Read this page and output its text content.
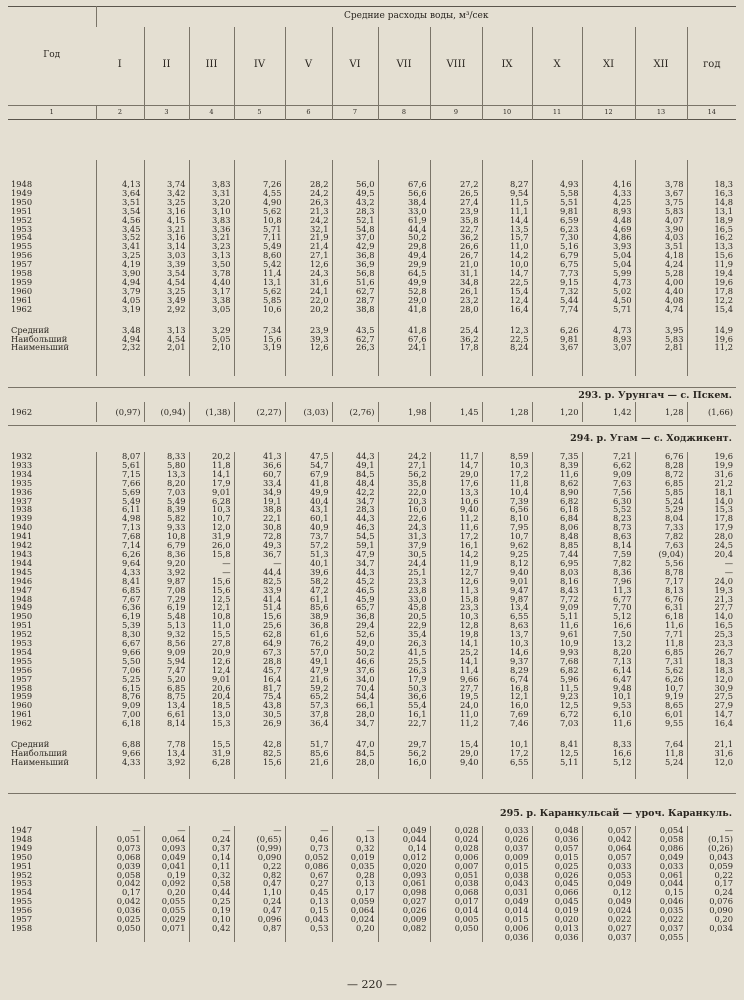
Год	Средние расходы воды, м³/сек												
	I	II	III	IV	V	VI	VII	VIII	IX	X	XI	XII	год
1	2	3	4	5	6	7	8	9	10	11	12	13	14

1948	4,13	3,74	3,83	7,26	28,2	56,0	67,6	27,2	8,27	4,93	4,16	3,78	18,3
1949	3,64	3,42	3,31	4,55	24,2	49,5	56,6	26,5	9,54	5,58	4,33	3,67	16,3
1950	3,51	3,25	3,20	4,90	26,3	43,2	38,4	27,4	11,5	5,51	4,25	3,75	14,8
1951	3,54	3,16	3,10	5,62	21,3	28,3	33,0	23,9	11,1	9,81	8,93	5,83	13,1
1952	4,56	4,15	3,83	10,8	24,2	52,1	61,9	35,8	14,4	6,59	4,48	4,07	18,9
1953	3,45	3,21	3,36	5,71	32,1	54,8	44,4	22,7	13,5	6,23	4,69	3,90	16,5
1954	3,52	3,16	3,21	7,11	21,9	37,0	50,2	36,2	15,7	7,30	4,86	4,03	16,2
1955	3,41	3,14	3,23	5,49	21,4	42,9	29,8	26,6	11,0	5,16	3,93	3,51	13,3
1956	3,25	3,03	3,13	8,60	27,1	36,8	49,4	26,7	14,2	6,79	5,04	4,18	15,6
1957	4,19	3,39	3,50	5,42	12,6	36,9	29,9	21,0	10,0	6,75	5,04	4,24	11,9
1958	3,90	3,54	3,78	11,4	24,3	56,8	64,5	31,1	14,7	7,73	5,99	5,28	19,4
1959	4,94	4,54	4,40	13,1	31,6	51,6	49,9	34,8	22,5	9,15	4,73	4,00	19,6
1960	3,79	3,25	3,17	5,62	24,1	62,7	52,8	26,1	15,4	7,32	5,02	4,40	17,8
1961	4,05	3,49	3,38	5,85	22,0	28,7	29,0	23,2	12,4	5,44	4,50	4,08	12,2
1962	3,19	2,92	3,05	10,6	20,2	38,8	41,8	28,0	16,4	7,74	5,71	4,74	15,4

Средний	3,48	3,13	3,29	7,34	23,9	43,5	41,8	25,4	12,3	6,26	4,73	3,95	14,9
Наибольший	4,94	4,54	5,05	15,6	39,3	62,7	67,6	36,2	22,5	9,81	8,93	5,83	19,6
Наименьший	2,32	2,01	2,10	3,19	12,6	26,3	24,1	17,8	8,24	3,67	3,07	2,81	11,2

293. р. Урунгач — с. Пскем.
1962	(0,97)	(0,94)	(1,38)	(2,27)	(3,03)	(2,76)	1,98	1,45	1,28	1,20	1,42	1,28	(1,66)
294. р. Угам — с. Ходжикент.
1932	8,07	8,33	20,2	41,3	47,5	44,3	24,2	11,7	8,59	7,35	7,21	6,76	19,6
1933	5,61	5,80	11,8	36,6	54,7	49,1	27,1	14,7	10,3	8,39	6,62	8,28	19,9
1934	7,15	13,3	14,1	60,7	67,9	84,5	56,2	29,0	17,2	11,6	9,09	8,72	31,6
1935	7,66	8,20	17,9	33,4	41,8	48,4	35,8	17,6	11,8	8,62	7,63	6,85	21,2
1936	5,69	7,03	9,01	34,9	49,9	42,2	22,0	13,3	10,4	8,90	7,56	5,85	18,1
1937	5,49	5,49	6,28	19,1	40,4	34,7	20,3	10,6	7,39	6,82	6,30	5,24	14,0
1938	6,11	8,39	10,3	38,8	43,1	28,3	16,0	9,40	6,56	6,18	5,52	5,29	15,3
1939	4,98	5,82	10,7	22,1	60,1	44,3	22,6	11,2	8,10	6,84	8,23	8,04	17,8
1940	7,13	9,33	12,0	30,8	40,9	46,3	24,3	11,6	7,95	8,06	8,73	7,33	17,9
1941	7,68	10,8	31,9	72,8	73,7	54,5	31,3	17,2	10,7	8,48	8,63	7,82	28,0
1942	7,14	6,79	26,0	49,3	57,2	59,1	37,9	16,1	9,62	8,85	8,14	7,63	24,5
1943	6,26	8,36	15,8	36,7	51,3	47,9	30,5	14,2	9,25	7,44	7,59	(9,04)	20,4
1944	9,64	9,20	—	—	40,1	34,7	24,4	11,9	8,12	6,95	7,82	5,56	—
1945	4,33	3,92	—	44,4	39,6	44,3	25,1	12,7	9,40	8,03	8,36	8,78	—
1946	8,41	9,87	15,6	82,5	58,2	45,2	23,3	12,6	9,01	8,16	7,96	7,17	24,0
1947	6,85	7,08	15,6	33,9	47,2	46,5	23,8	11,3	9,47	8,43	11,3	8,13	19,3
1948	7,67	7,29	12,5	41,4	61,1	45,9	33,0	15,8	9,87	7,72	6,77	6,76	21,3
1949	6,36	6,19	12,1	51,4	85,6	65,7	45,8	23,3	13,4	9,09	7,70	6,31	27,7
1950	6,19	5,48	10,8	15,6	38,9	36,8	20,5	10,3	6,55	5,11	5,12	6,18	14,0
1951	5,39	5,13	11,0	25,6	36,8	29,4	22,9	12,8	8,63	11,6	16,6	11,6	16,5
1952	8,30	9,32	15,5	62,8	61,6	52,6	35,4	19,8	13,7	9,61	7,50	7,71	25,3
1953	6,67	8,56	27,8	64,9	76,2	49,0	26,3	14,1	10,3	10,9	13,2	11,8	23,3
1954	9,66	9,09	20,9	67,3	57,0	50,2	41,5	25,2	14,6	9,93	8,20	6,85	26,7
1955	5,50	5,94	12,6	28,8	49,1	46,6	25,5	14,1	9,37	7,68	7,13	7,31	18,3
1956	7,06	7,47	12,4	45,7	47,9	37,6	26,3	11,4	8,29	6,82	6,14	5,62	18,3
1957	5,25	5,20	9,01	16,4	21,6	34,0	17,9	9,66	6,74	5,96	6,47	6,26	12,0
1958	6,15	6,85	20,6	81,7	59,2	70,4	50,3	27,7	16,8	11,5	9,48	10,7	30,9
1959	8,76	8,75	20,4	75,4	65,2	54,4	36,6	19,5	12,1	9,23	10,1	9,19	27,5
1960	9,09	13,4	18,5	43,8	57,3	66,1	55,4	24,0	16,0	12,5	9,53	8,65	27,9
1961	7,00	6,61	13,0	30,5	37,8	28,0	16,1	11,0	7,69	6,72	6,10	6,01	14,7
1962	6,18	8,14	15,3	26,9	36,4	34,7	22,7	11,2	7,46	7,03	11,6	9,55	16,4

Средний	6,88	7,78	15,5	42,8	51,7	47,0	29,7	15,4	10,1	8,41	8,33	7,64	21,1
Наибольший	9,66	13,4	31,9	82,5	85,6	84,5	56,2	29,0	17,2	12,5	16,6	11,8	31,6
Наименьший	4,33	3,92	6,28	15,6	21,6	28,0	16,0	9,40	6,55	5,11	5,12	5,24	12,0

295. р. Каранкульсай — уроч. Каранкуль.
1947	—	—	—	—	—	—	0,049	0,028	0,033	0,048	0,057	0,054	—
1948	0,051	0,064	0,24	(0,65)	0,46	0,13	0,044	0,024	0,026	0,036	0,042	0,058	(0,15)
1949	0,073	0,093	0,37	(0,99)	0,73	0,32	0,14	0,028	0,037	0,057	0,064	0,086	(0,26)
1950	0,068	0,049	0,14	0,090	0,052	0,019	0,012	0,006	0,009	0,015	0,057	0,049	0,043
1951	0,039	0,041	0,11	0,22	0,086	0,035	0,020	0,007	0,015	0,025	0,033	0,033	0,059
1952	0,058	0,19	0,32	0,82	0,67	0,28	0,093	0,051	0,038	0,026	0,053	0,061	0,22
1953	0,042	0,092	0,58	0,47	0,27	0,13	0,061	0,038	0,043	0,045	0,049	0,044	0,17
1954	0,17	0,20	0,44	1,10	0,45	0,17	0,098	0,068	0,031	0,066	0,12	0,15	0,24
1955	0,042	0,055	0,25	0,24	0,13	0,059	0,027	0,017	0,049	0,045	0,049	0,046	0,076
1956	0,036	0,055	0,19	0,47	0,15	0,064	0,026	0,014	0,014	0,019	0,024	0,035	0,090
1957	0,025	0,029	0,10	0,096	0,043	0,024	0,009	0,005	0,015	0,020	0,022	0,022	0,20
1958	0,050	0,071	0,42	0,87	0,53	0,20	0,082	0,050	0,006	0,013	0,027	0,037	0,034
									0,036	0,036	0,037	0,055	
— 220 —
